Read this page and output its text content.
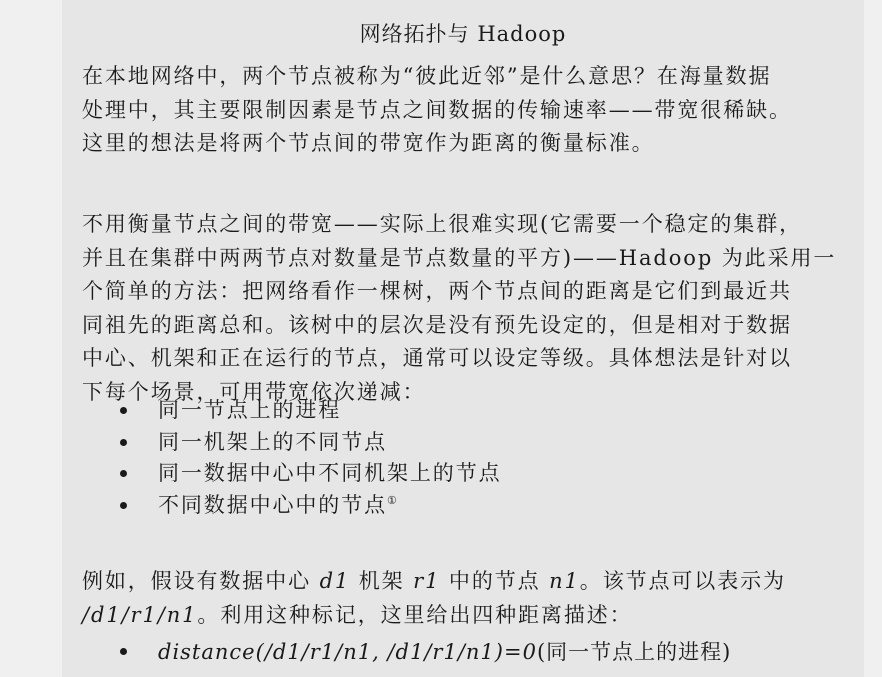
网络拓扑与 Hadoop
在本地网络中，两个节点被称为“彼此近邻”是什么意思？在海量数据
处理中，其主要限制因素是节点之间数据的传输速率——带宽很稀缺。
这里的想法是将两个节点间的带宽作为距离的衡量标准。
不用衡量节点之间的带宽——实际上很难实现(它需要一个稳定的集群，
并且在集群中两两节点对数量是节点数量的平方)——Hadoop 为此采用一
个简单的方法：把网络看作一棵树，两个节点间的距离是它们到最近共
同祖先的距离总和。该树中的层次是没有预先设定的，但是相对于数据
中心、机架和正在运行的节点，通常可以设定等级。具体想法是针对以
下每个场景，可用带宽依次递减：
同一节点上的进程
同一机架上的不同节点
同一数据中心中不同机架上的节点
不同数据中心中的节点①
例如，假设有数据中心 d1 机架 r1 中的节点 n1。该节点可以表示为
/d1/r1/n1。利用这种标记，这里给出四种距离描述：
distance(/d1/r1/n1, /d1/r1/n1)=0(同一节点上的进程)
